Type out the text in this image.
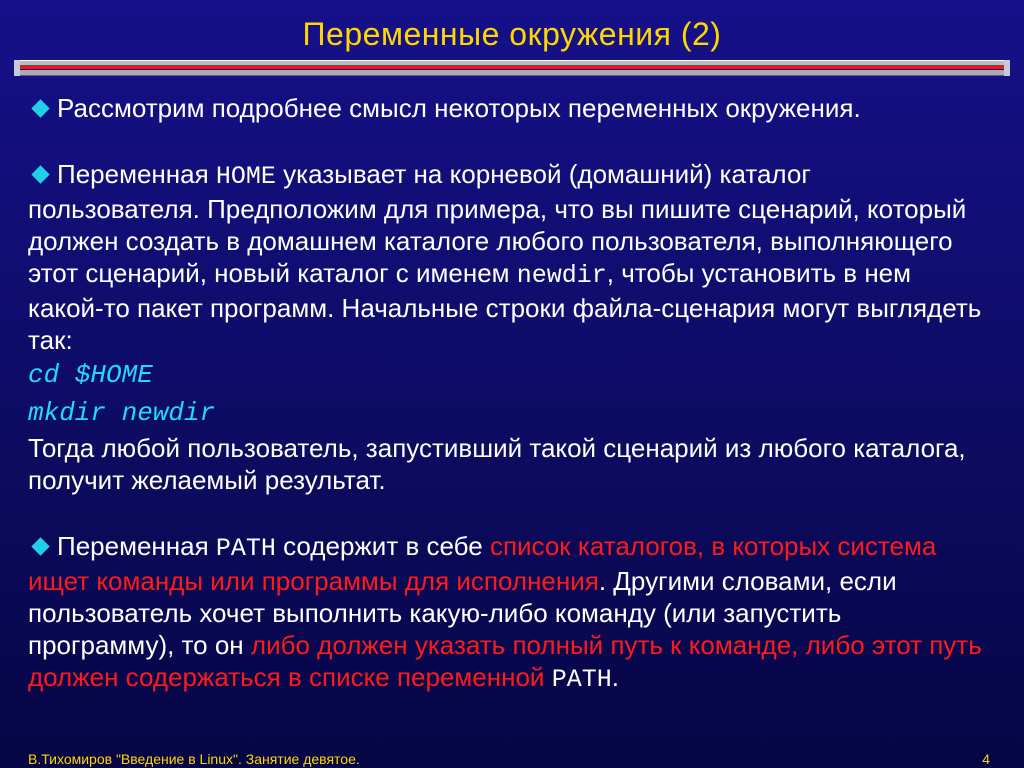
Переменные окружения (2)

Рассмотрим подробнее смысл некоторых переменных окружения.

Переменная HOME указывает на корневой (домашний) каталог пользователя. Предположим для примера, что вы пишите сценарий, который должен создать в домашнем каталоге любого пользователя, выполняющего этот сценарий, новый каталог с именем newdir, чтобы установить в нем какой-то пакет программ. Начальные строки файла-сценария могут выглядеть так:

cd $HOME

mkdir newdir

Тогда любой пользователь, запустивший такой сценарий из любого каталога, получит желаемый результат.

Переменная PATH содержит в себе список каталогов, в которых система ищет команды или программы для исполнения. Другими словами, если пользователь хочет выполнить какую-либо команду (или запустить программу), то он либо должен указать полный путь к команде, либо этот путь должен содержаться в списке переменной PATH.

В.Тихомиров "Введение в Linux". Занятие девятое.	4
